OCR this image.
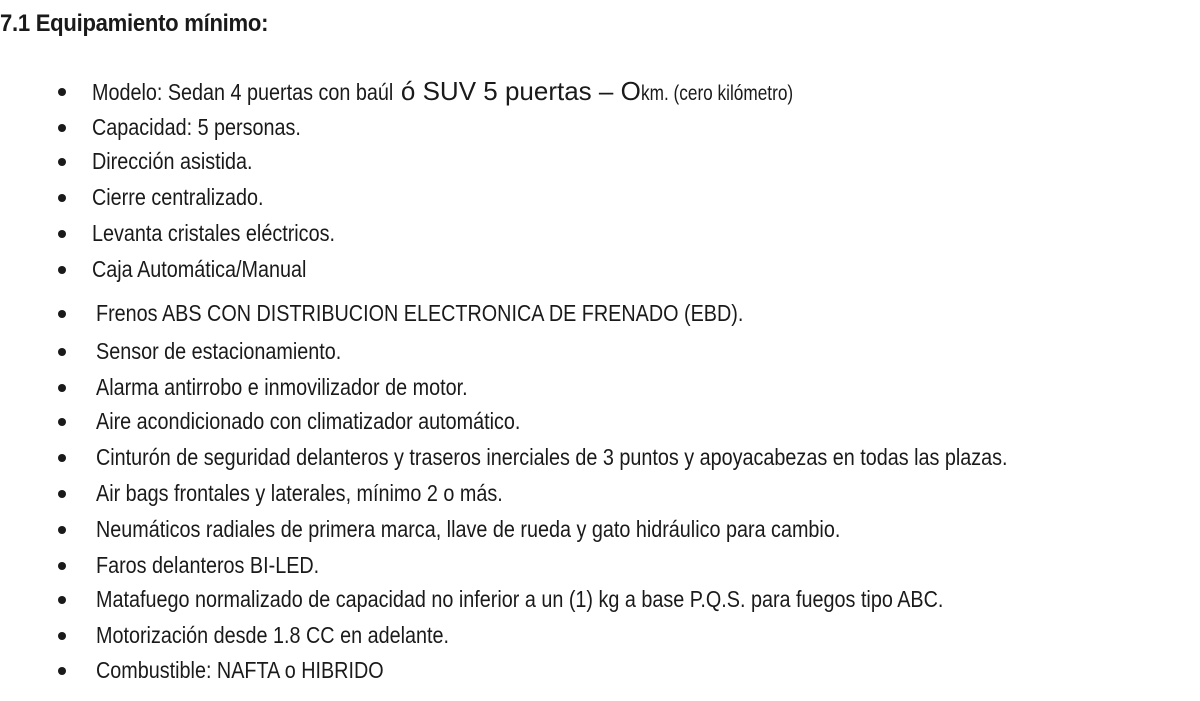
7.1 Equipamiento mínimo:
Modelo: Sedan 4 puertas con baúl ó SUV 5 puertas – Okm. (cero kilómetro)
Capacidad: 5 personas.
Dirección asistida.
Cierre centralizado.
Levanta cristales eléctricos.
Caja Automática/Manual
Frenos ABS CON DISTRIBUCION ELECTRONICA DE FRENADO (EBD).
Sensor de estacionamiento.
Alarma antirrobo e inmovilizador de motor.
Aire acondicionado con climatizador automático.
Cinturón de seguridad delanteros y traseros inerciales de 3 puntos y apoyacabezas en todas las plazas.
Air bags frontales y laterales, mínimo 2 o más.
Neumáticos radiales de primera marca, llave de rueda y gato hidráulico para cambio.
Faros delanteros BI-LED.
Matafuego normalizado de capacidad no inferior a un (1) kg a base P.Q.S. para fuegos tipo ABC.
Motorización desde 1.8 CC en adelante.
Combustible: NAFTA o HIBRIDO
